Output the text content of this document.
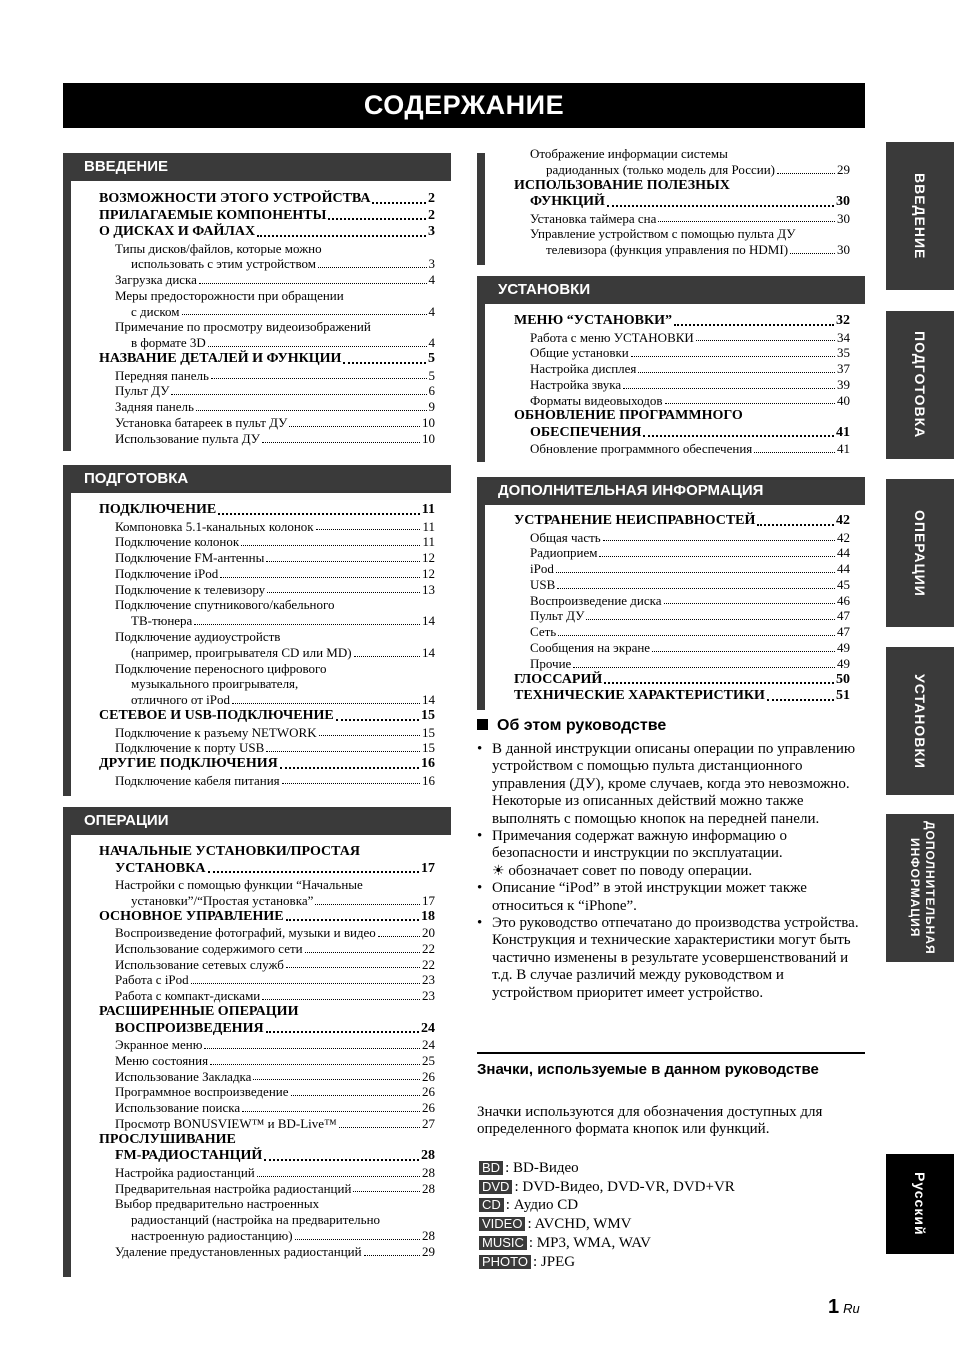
СОДЕРЖАНИЕ
ВВЕДЕНИЕ
ВОЗМОЖНОСТИ ЭТОГО УСТРОЙСТВА	2
ПРИЛАГАЕМЫЕ КОМПОНЕНТЫ	2
О ДИСКАХ И ФАЙЛАХ	3
Типы дисков/файлов, которые можно
использовать с этим устройством	3
Загрузка диска	4
Меры предосторожности при обращении
с диском	4
Примечание по просмотру видеоизображений
в формате 3D	4
НАЗВАНИЕ ДЕТАЛЕЙ И ФУНКЦИИ	5
Передняя панель	5
Пульт ДУ	6
Задняя панель	9
Установка батареек в пульт ДУ	10
Использование пульта ДУ	10
ПОДГОТОВКА
ПОДКЛЮЧЕНИЕ	11
Компоновка 5.1-канальных колонок	11
Подключение колонок	11
Подключение FM-антенны	12
Подключение iPod	12
Подключение к телевизору	13
Подключение спутникового/кабельного
ТВ-тюнера	14
Подключение аудиоустройств
(например, проигрывателя CD или MD)	14
Подключение переносного цифрового
музыкального проигрывателя,
отличного от iPod	14
СЕТЕВОЕ И USB-ПОДКЛЮЧЕНИЕ	15
Подключение к разъему NETWORK	15
Подключение к порту USB	15
ДРУГИЕ ПОДКЛЮЧЕНИЯ	16
Подключение кабеля питания	16
ОПЕРАЦИИ
НАЧАЛЬНЫЕ УСТАНОВКИ/ПРОСТАЯ
УСТАНОВКА	17
Настройки с помощью функции “Начальные
установки”/“Простая установка”	17
ОСНОВНОЕ УПРАВЛЕНИЕ	18
Воспроизведение фотографий, музыки и видео	20
Использование содержимого сети	22
Использование сетевых служб	22
Работа с iPod	23
Работа с компакт-дисками	23
РАСШИРЕННЫЕ ОПЕРАЦИИ
ВОСПРОИЗВЕДЕНИЯ	24
Экранное меню	24
Меню состояния	25
Использование Закладка	26
Программное воспроизведение	26
Использование поиска	26
Просмотр BONUSVIEW™ и BD-Live™	27
ПРОСЛУШИВАНИЕ
FM-РАДИОСТАНЦИЙ	28
Настройка радиостанций	28
Предварительная настройка радиостанций	28
Выбор предварительно настроенных
радиостанций (настройка на предварительно
настроенную радиостанцию)	28
Удаление предустановленных радиостанций	29
Отображение информации системы
радиоданных (только модель для России)	29
ИСПОЛЬЗОВАНИЕ ПОЛЕЗНЫХ
ФУНКЦИЙ	30
Установка таймера сна	30
Управление устройством с помощью пульта ДУ
телевизора (функция управления по HDMI)	30
УСТАНОВКИ
МЕНЮ “УСТАНОВКИ”	32
Работа с меню УСТАНОВКИ	34
Общие установки	35
Настройка дисплея	37
Настройка звука	39
Форматы видеовыходов	40
ОБНОВЛЕНИЕ ПРОГРАММНОГО
ОБЕСПЕЧЕНИЯ	41
Обновление программного обеспечения	41
ДОПОЛНИТЕЛЬНАЯ ИНФОРМАЦИЯ
УСТРАНЕНИЕ НЕИСПРАВНОСТЕЙ	42
Общая часть	42
Радиоприем	44
iPod	44
USB	45
Воспроизведение диска	46
Пульт ДУ	47
Сеть	47
Сообщения на экране	49
Прочие	49
ГЛОССАРИЙ	50
ТЕХНИЧЕСКИЕ ХАРАКТЕРИСТИКИ	51
Об этом руководстве
• В данной инструкции описаны операции по управлению устройством с помощью пульта дистанционного управления (ДУ), кроме случаев, когда это невозможно. Некоторые из описанных действий можно также выполнять с помощью кнопок на передней панели.
• Примечания содержат важную информацию о безопасности и инструкции по эксплуатации.
☀ обозначает совет по поводу операции.
• Описание “iPod” в этой инструкции может также относиться к “iPhone”.
• Это руководство отпечатано до производства устройства. Конструкция и технические характеристики могут быть частично изменены в результате усовершенствований и т.д. В случае различий между руководством и устройством приоритет имеет устройство.
Значки, используемые в данном руководстве
Значки используются для обозначения доступных для определенного формата кнопок или функций.
BD : BD-Видео
DVD : DVD-Видео, DVD-VR, DVD+VR
CD : Аудио CD
VIDEO : AVCHD, WMV
MUSIC : MP3, WMA, WAV
PHOTO : JPEG
ВВЕДЕНИЕ
ПОДГОТОВКА
ОПЕРАЦИИ
УСТАНОВКИ
ДОПОЛНИТЕЛЬНАЯ ИНФОРМАЦИЯ
Русский
1 Ru
